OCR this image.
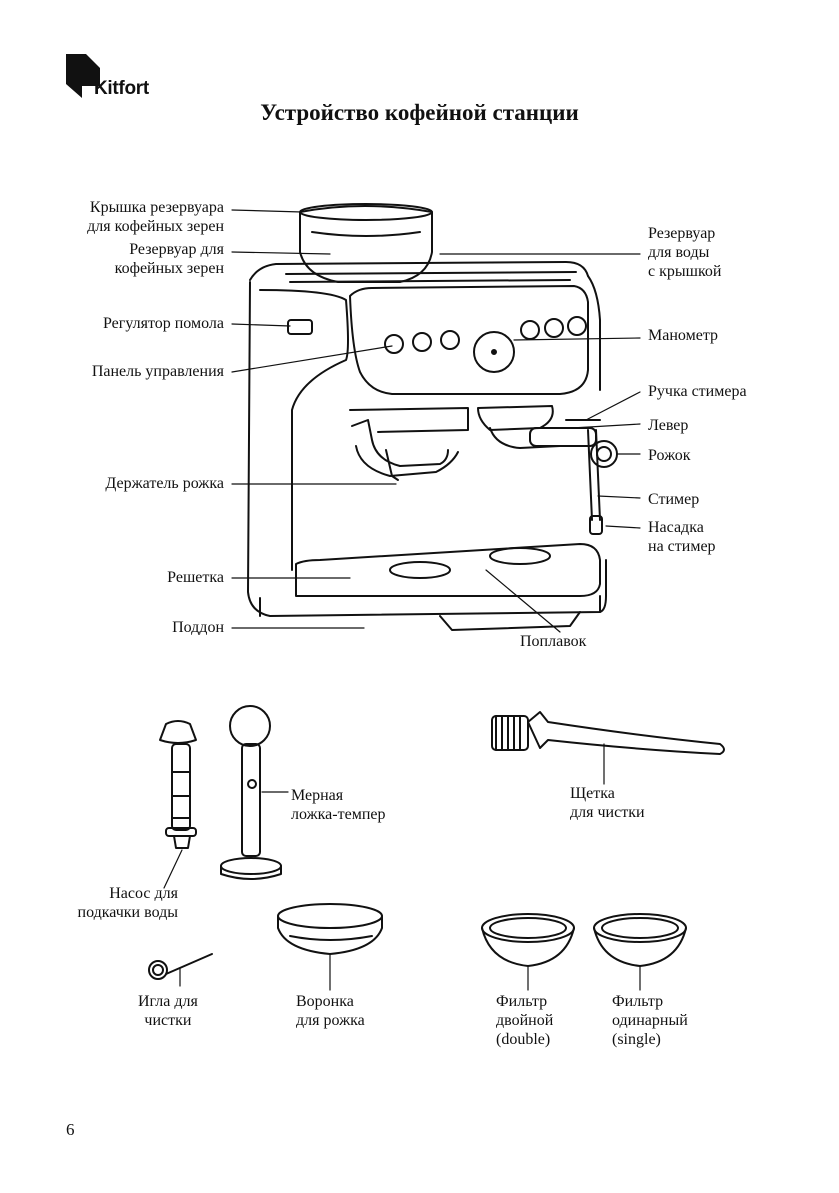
Kitfort
Устройство кофейной станции
Крышка резервуара
для кофейных зерен
Резервуар для
кофейных зерен
Регулятор помола
Панель управления
Держатель рожка
Решетка
Поддон
Поплавок
Резервуар
для воды
с крышкой
Манометр
Ручка стимера
Левер
Рожок
Стимер
Насадка
на стимер
Насос для
подкачки воды
Мерная
ложка-темпер
Щетка
для чистки
Игла для
чистки
Воронка
для рожка
Фильтр
двойной
(double)
Фильтр
одинарный
(single)
6
